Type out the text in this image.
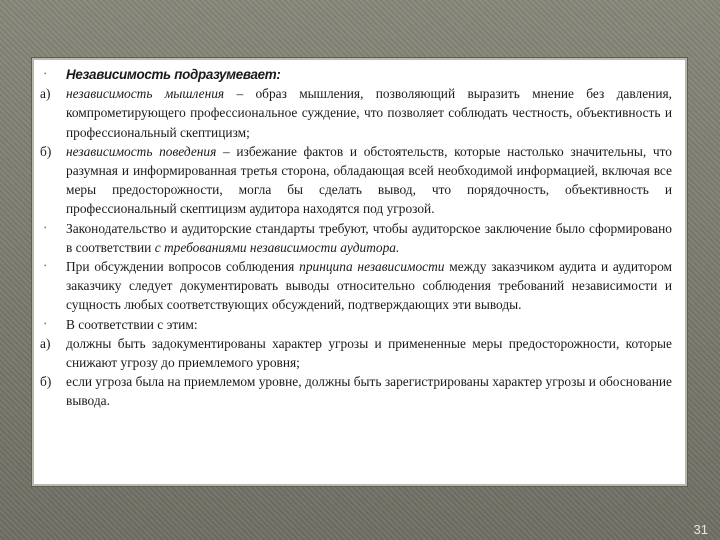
• Независимость подразумевает:
а) независимость мышления – образ мышления, позволяющий выразить мнение без давления, компрометирующего профессиональное суждение, что позволяет соблюдать честность, объективность и профессиональный скептицизм;
б) независимость поведения – избежание фактов и обстоятельств, которые настолько значительны, что разумная и информированная третья сторона, обладающая всей необходимой информацией, включая все меры предосторожности, могла бы сделать вывод, что порядочность, объективность и профессиональный скептицизм аудитора находятся под угрозой.
• Законодательство и аудиторские стандарты требуют, чтобы аудиторское заключение было сформировано в соответствии с требованиями независимости аудитора.
• При обсуждении вопросов соблюдения принципа независимости между заказчиком аудита и аудитором заказчику следует документировать выводы относительно соблюдения требований независимости и сущность любых соответствующих обсуждений, подтверждающих эти выводы.
• В соответствии с этим:
а) должны быть задокументированы характер угрозы и примененные меры предосторожности, которые снижают угрозу до приемлемого уровня;
б) если угроза была на приемлемом уровне, должны быть зарегистрированы характер угрозы и обоснование вывода.
31
